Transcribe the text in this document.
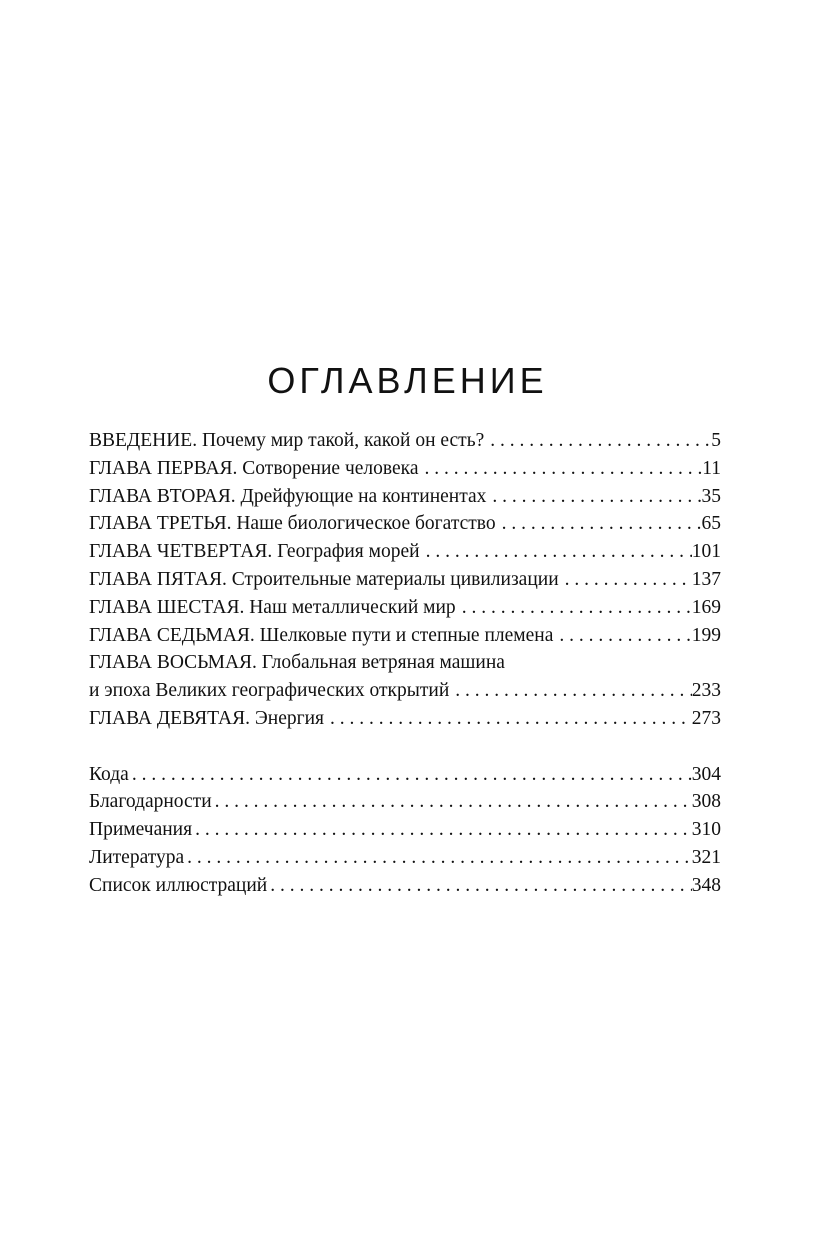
ОГЛАВЛЕНИЕ
ВВЕДЕНИЕ. Почему мир такой, какой он есть? . . .	5
ГЛАВА ПЕРВАЯ. Сотворение человека . . .	11
ГЛАВА ВТОРАЯ. Дрейфующие на континентах . . .	35
ГЛАВА ТРЕТЬЯ. Наше биологическое богатство . . .	65
ГЛАВА ЧЕТВЕРТАЯ. География морей . . .	101
ГЛАВА ПЯТАЯ. Строительные материалы цивилизации . . .	137
ГЛАВА ШЕСТАЯ. Наш металлический мир . . .	169
ГЛАВА СЕДЬМАЯ. Шелковые пути и степные племена . . .	199
ГЛАВА ВОСЬМАЯ. Глобальная ветряная машина
и эпоха Великих географических открытий . . .	233
ГЛАВА ДЕВЯТАЯ. Энергия . . .	273
Кода . . .	304
Благодарности . . .	308
Примечания . . .	310
Литература . . .	321
Список иллюстраций . . .	348
